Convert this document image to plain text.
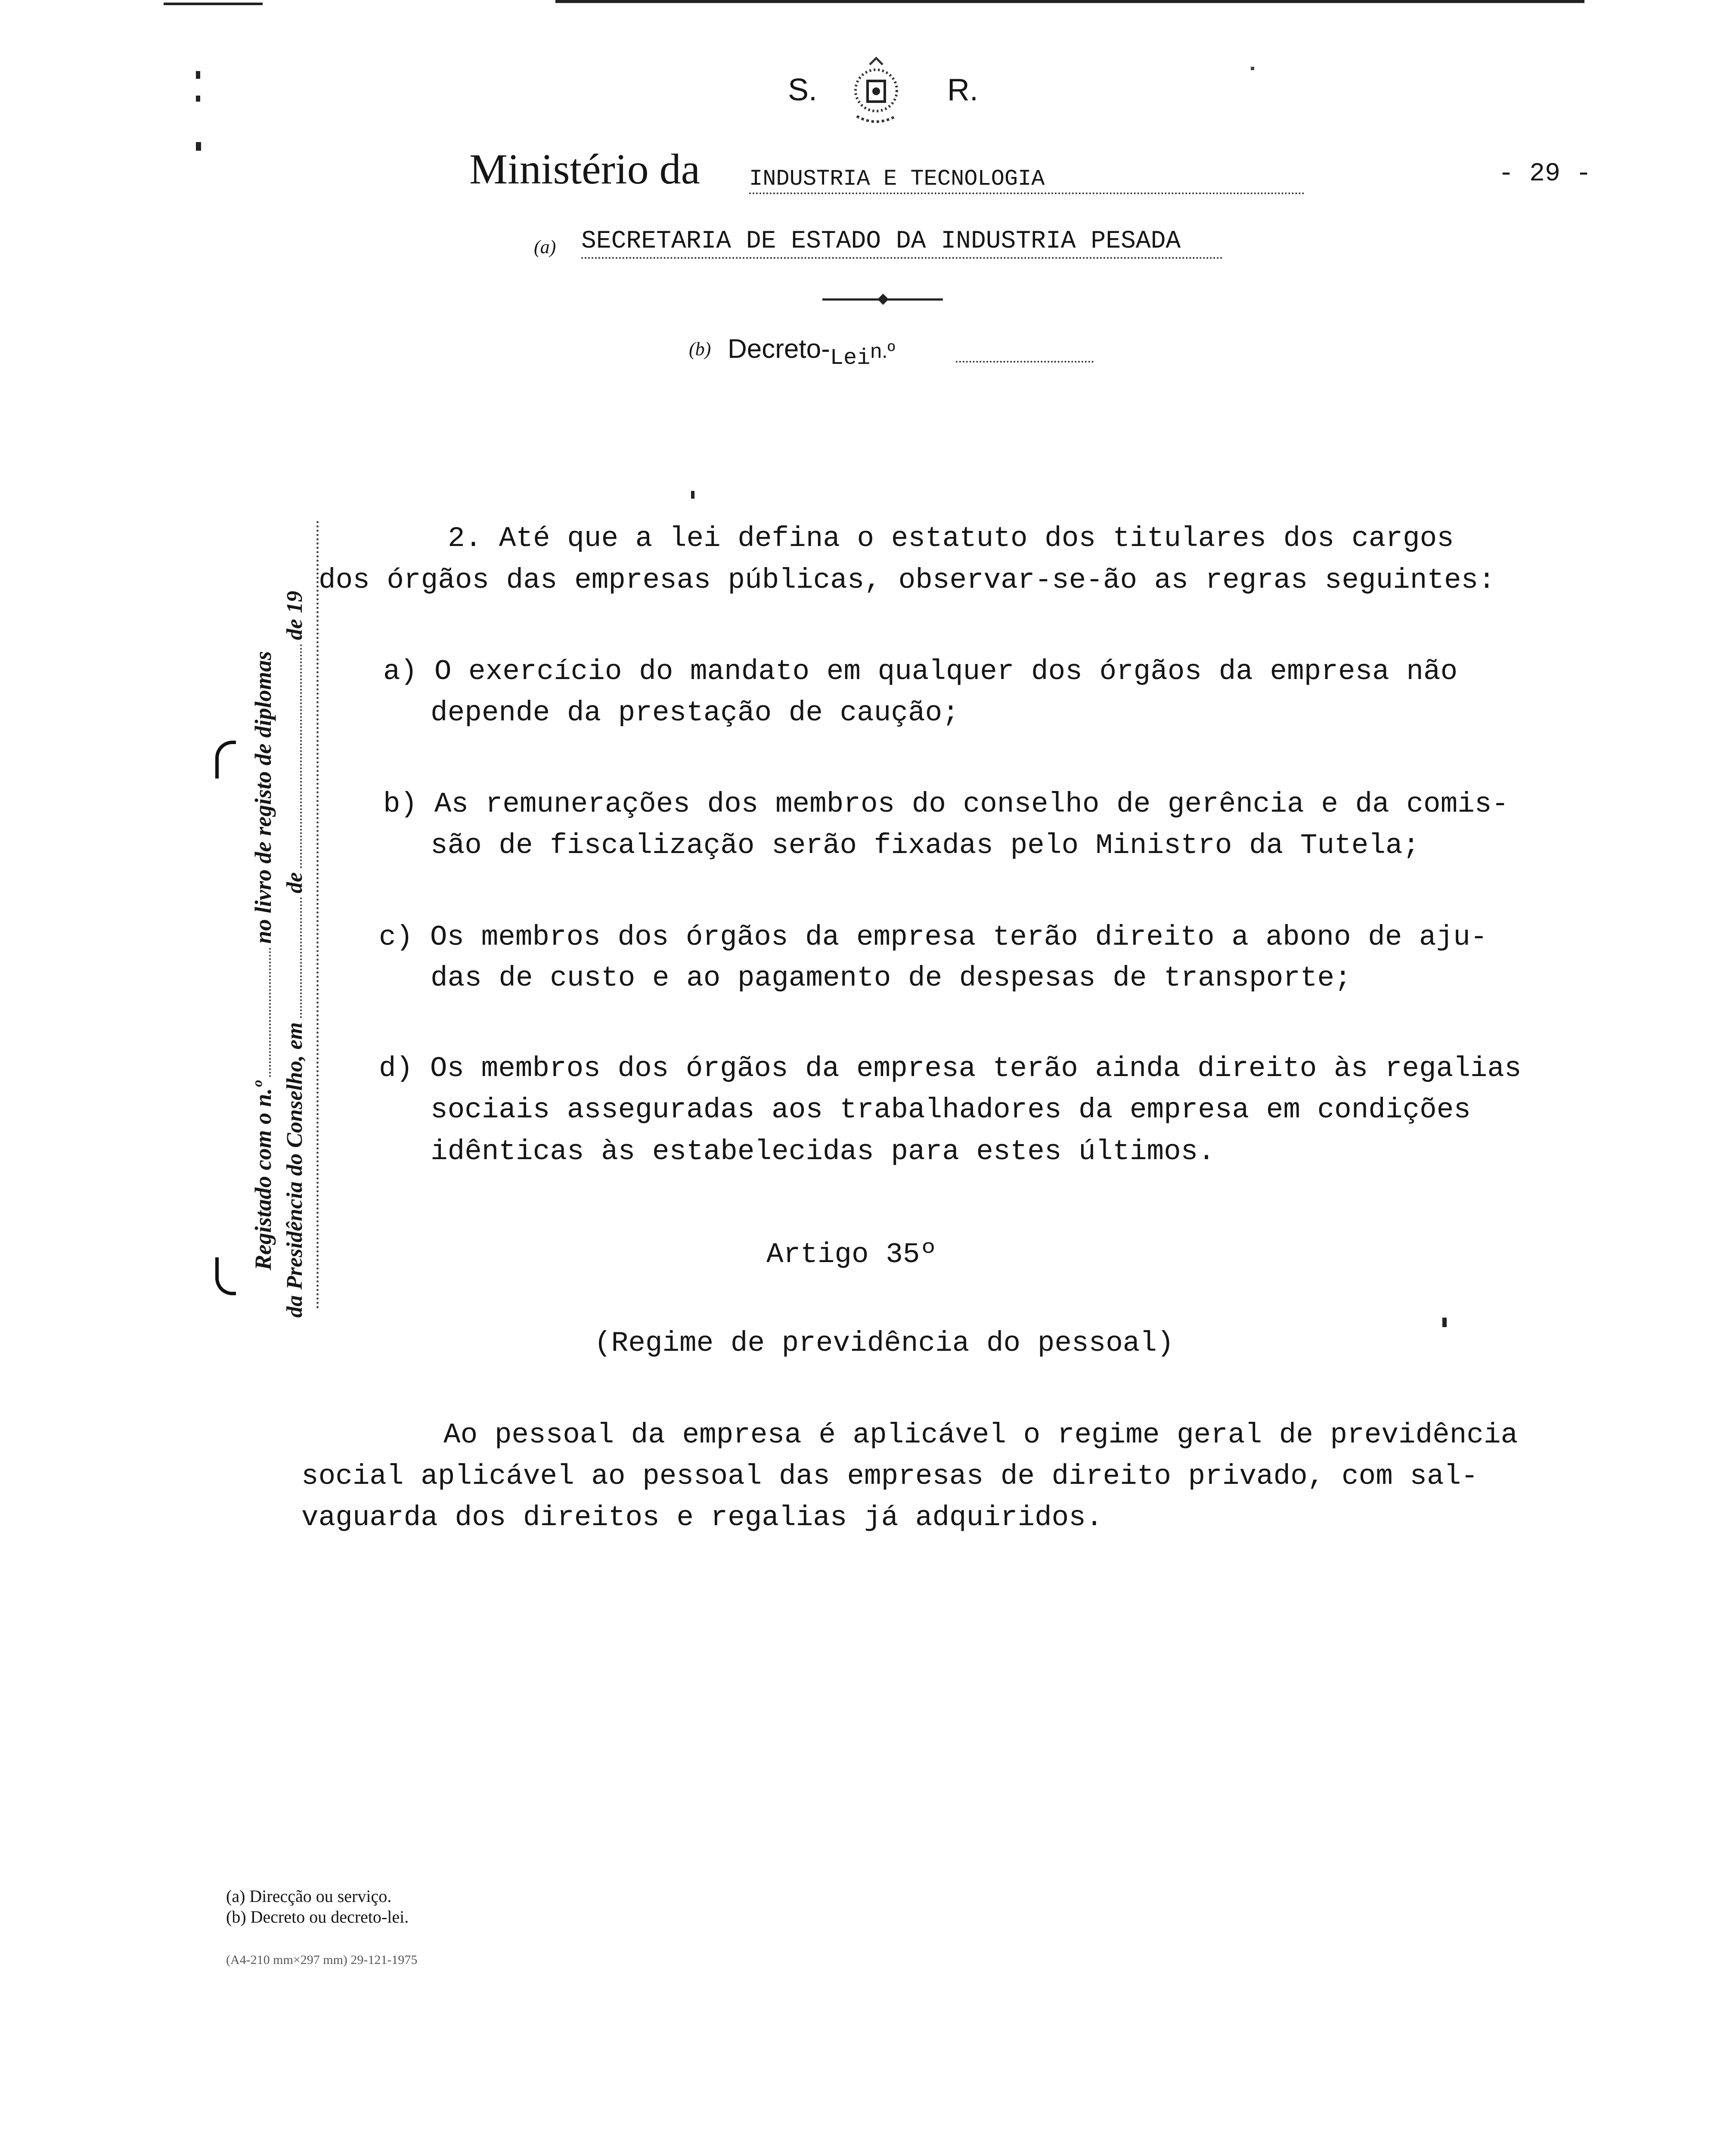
S.	R.
Ministério da INDUSTRIA E TECNOLOGIA	- 29 -
(a) SECRETARIA DE ESTADO DA INDUSTRIA PESADA
(b) Decreto-$_{Lei}n.º$
Registado com o n.º  no livro de registo de diplomas
da Presidência do Conselho, em  de  de 19
2. Até que a lei defina o estatuto dos titulares dos cargos
dos órgãos das empresas públicas, observar-se-ão as regras seguintes:
a) O exercício do mandato em qualquer dos órgãos da empresa não
depende da prestação de caução;
b) As remunerações dos membros do conselho de gerência e da comis-
são de fiscalização serão fixadas pelo Ministro da Tutela;
c) Os membros dos órgãos da empresa terão direito a abono de aju-
das de custo e ao pagamento de despesas de transporte;
d) Os membros dos órgãos da empresa terão ainda direito às regalias
sociais asseguradas aos trabalhadores da empresa em condições
idênticas às estabelecidas para estes últimos.
Artigo 35º
(Regime de previdência do pessoal)
Ao pessoal da empresa é aplicável o regime geral de previdência
social aplicável ao pessoal das empresas de direito privado, com sal-
vaguarda dos direitos e regalias já adquiridos.
(a) Direcção ou serviço.
(b) Decreto ou decreto-lei.
(A4-210 mm×297 mm) 29-121-1975
